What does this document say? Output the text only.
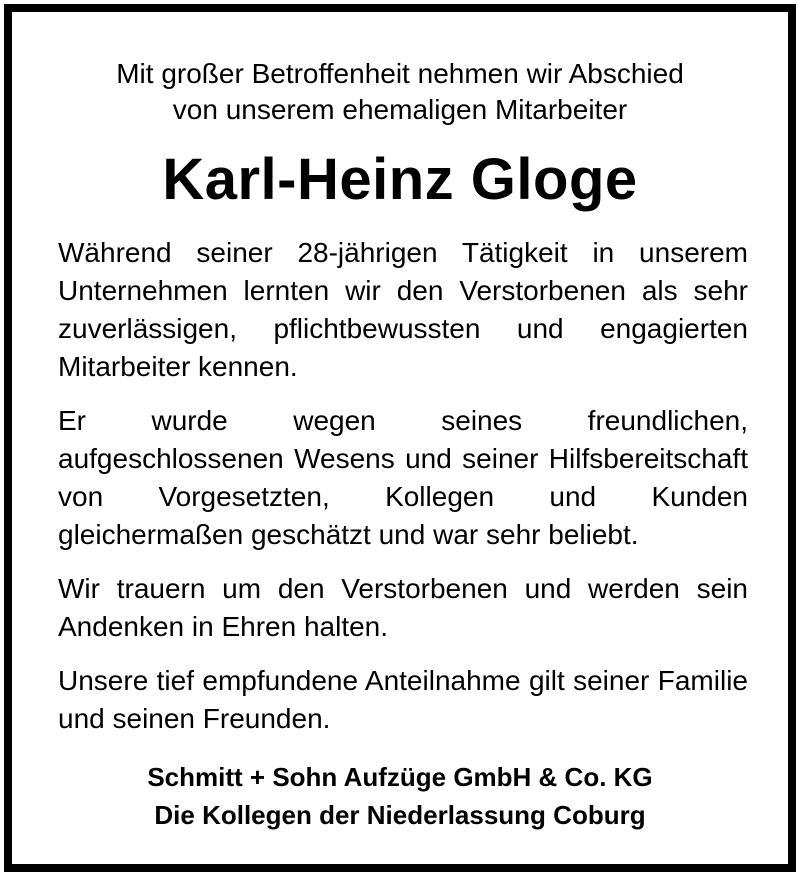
Mit großer Betroffenheit nehmen wir Abschied
von unserem ehemaligen Mitarbeiter
Karl-Heinz Gloge

Während seiner 28-jährigen Tätigkeit in unserem Unternehmen lernten wir den Verstorbenen als sehr zuverlässigen, pflichtbewussten und engagierten Mitarbeiter kennen.

Er wurde wegen seines freundlichen, aufgeschlossenen Wesens und seiner Hilfsbereitschaft von Vorgesetzten, Kollegen und Kunden gleichermaßen geschätzt und war sehr beliebt.

Wir trauern um den Verstorbenen und werden sein Andenken in Ehren halten.

Unsere tief empfundene Anteilnahme gilt seiner Familie und seinen Freunden.

Schmitt + Sohn Aufzüge GmbH & Co. KG
Die Kollegen der Niederlassung Coburg
